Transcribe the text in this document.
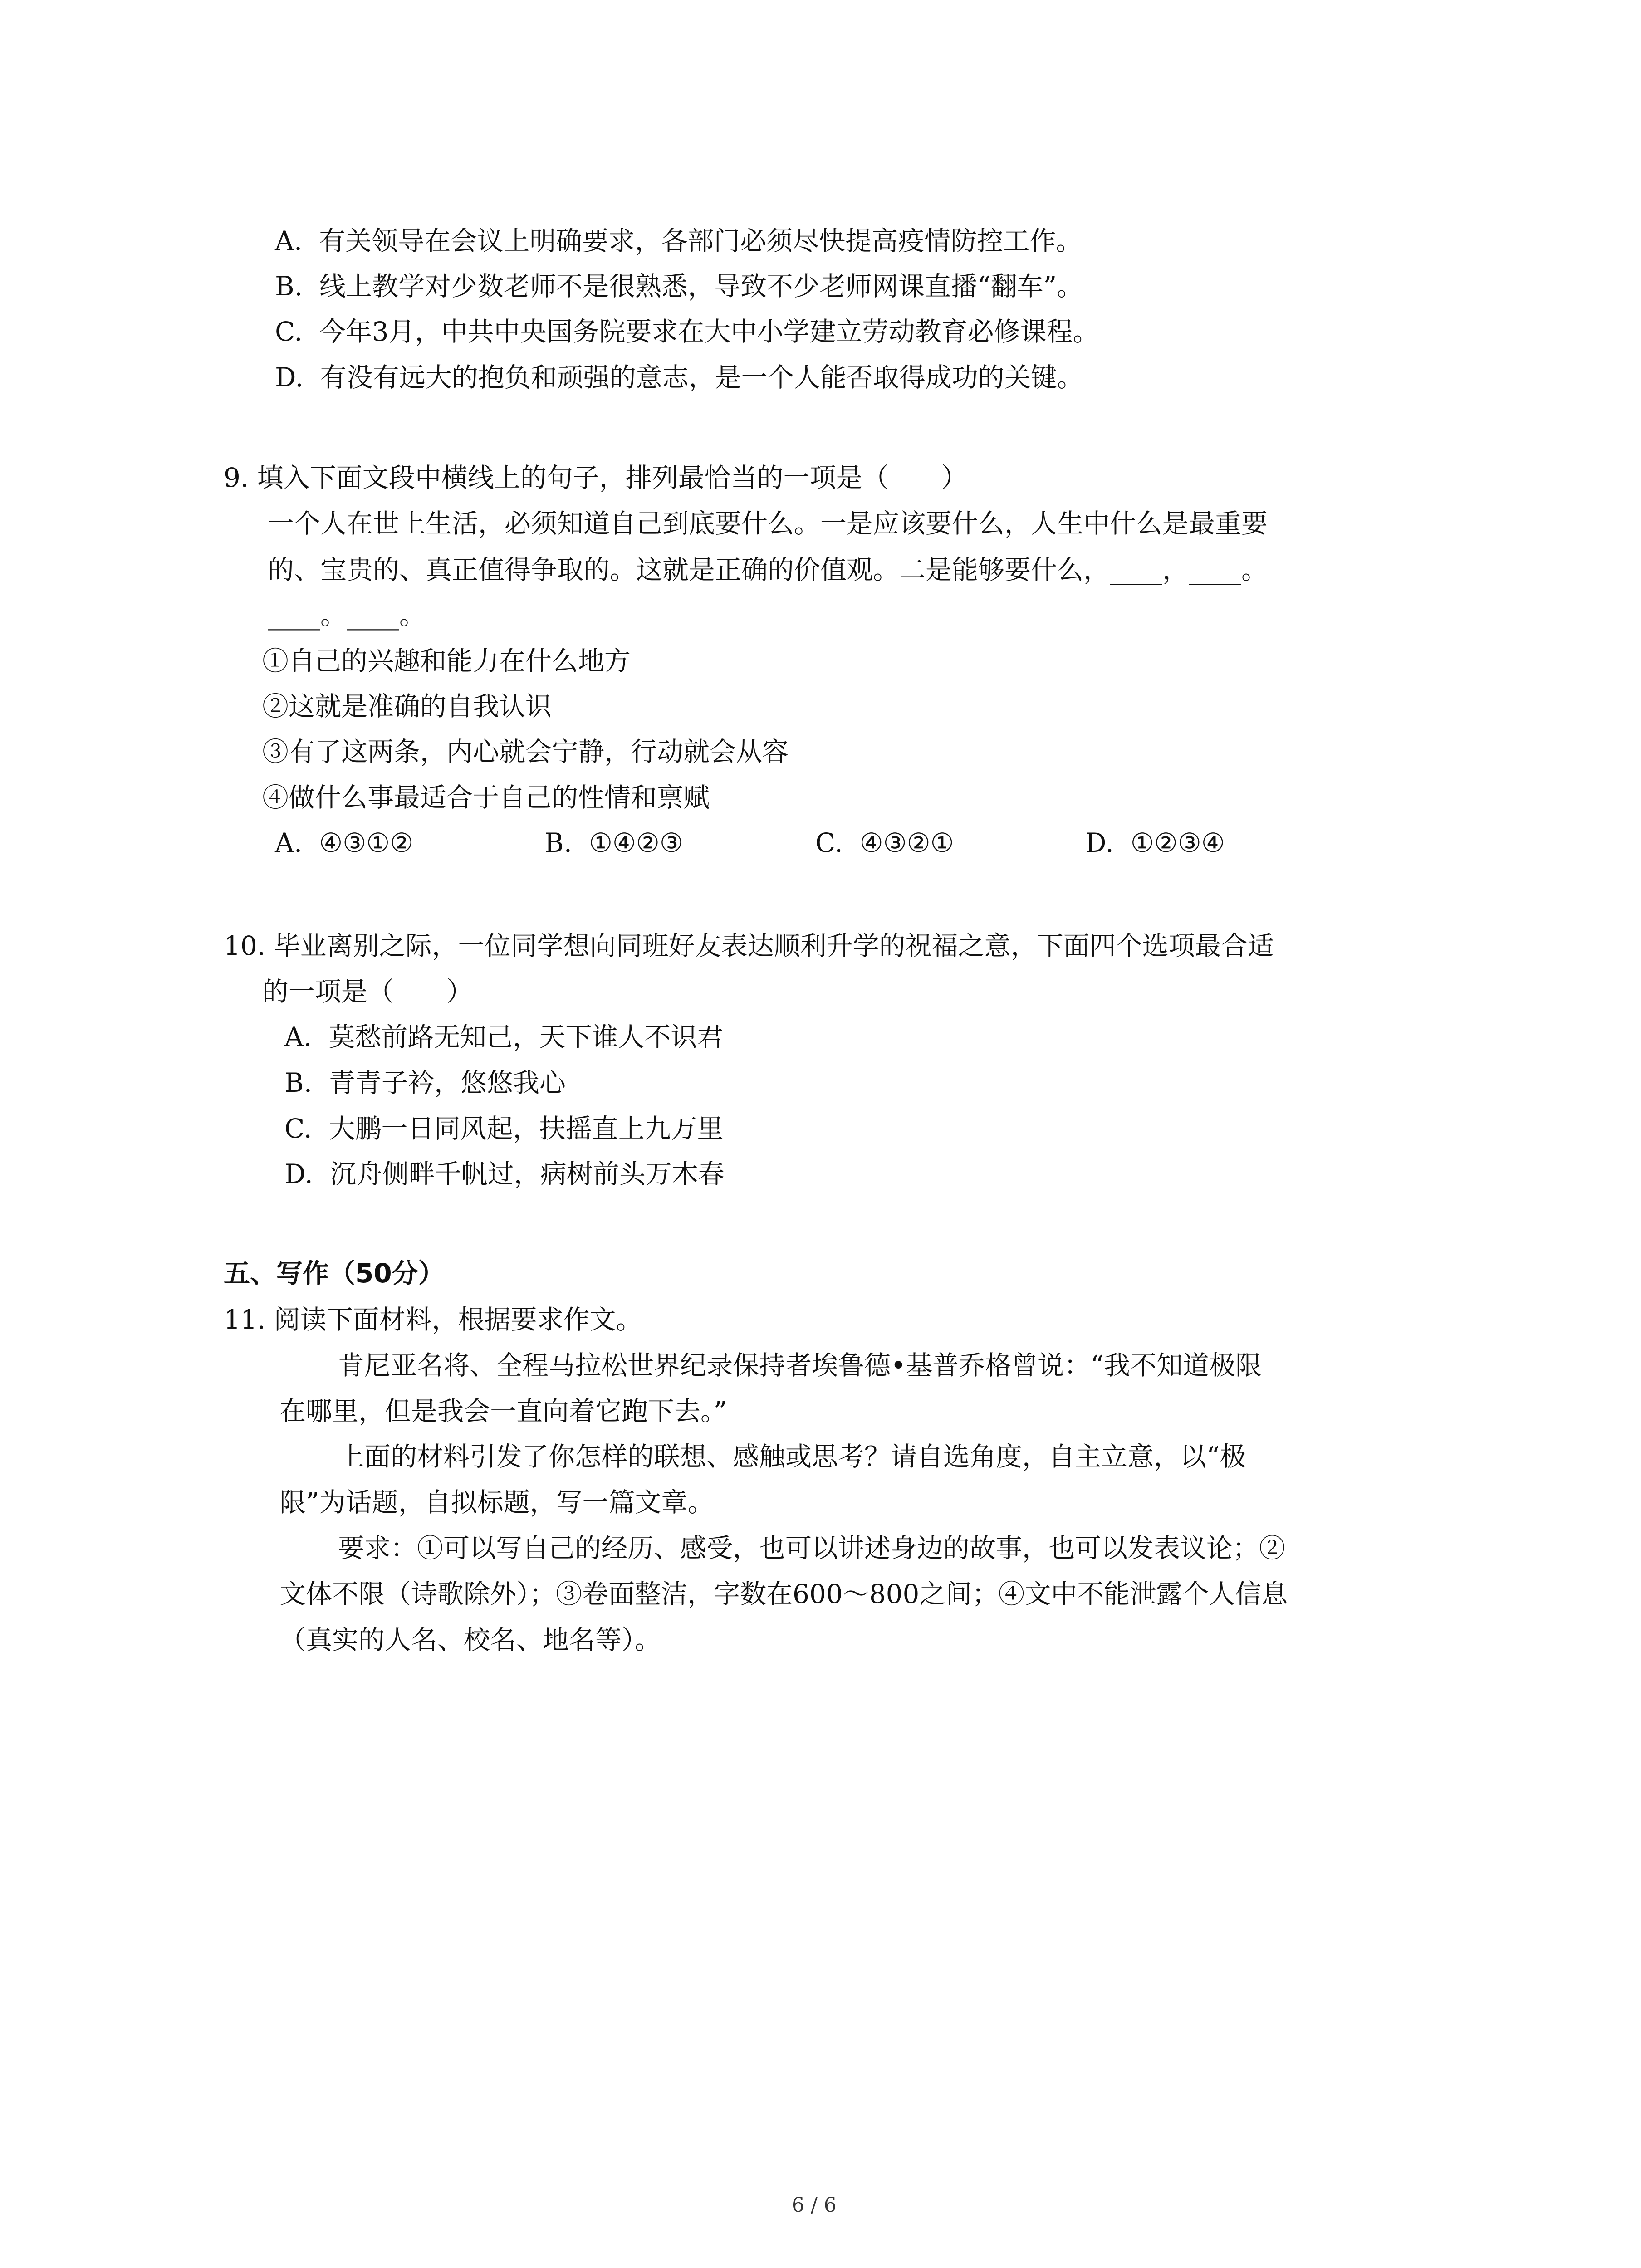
A. 有关领导在会议上明确要求，各部门必须尽快提高疫情防控工作。
B. 线上教学对少数老师不是很熟悉，导致不少老师网课直播“翻车”。
C. 今年3月，中共中央国务院要求在大中小学建立劳动教育必修课程。
D. 有没有远大的抱负和顽强的意志，是一个人能否取得成功的关键。
9. 填入下面文段中横线上的句子，排列最恰当的一项是（　　）
一个人在世上生活，必须知道自己到底要什么。一是应该要什么，人生中什么是最重要
的、宝贵的、真正值得争取的。这就是正确的价值观。二是能够要什么，____，____。
____。____。
①自己的兴趣和能力在什么地方
②这就是准确的自我认识
③有了这两条，内心就会宁静，行动就会从容
④做什么事最适合于自己的性情和禀赋
A. ④③①②	B. ①④②③	C. ④③②①	D. ①②③④
10. 毕业离别之际，一位同学想向同班好友表达顺利升学的祝福之意，下面四个选项最合适
的一项是（　　）
A. 莫愁前路无知己，天下谁人不识君
B. 青青子衿，悠悠我心
C. 大鹏一日同风起，扶摇直上九万里
D. 沉舟侧畔千帆过，病树前头万木春
五、写作（50分）
11. 阅读下面材料，根据要求作文。
肯尼亚名将、全程马拉松世界纪录保持者埃鲁德•基普乔格曾说：“我不知道极限
在哪里，但是我会一直向着它跑下去。”
上面的材料引发了你怎样的联想、感触或思考？请自选角度，自主立意，以“极
限”为话题，自拟标题，写一篇文章。
要求：①可以写自己的经历、感受，也可以讲述身边的故事，也可以发表议论；②
文体不限（诗歌除外）；③卷面整洁，字数在600～800之间；④文中不能泄露个人信息
（真实的人名、校名、地名等）。
6 / 6
